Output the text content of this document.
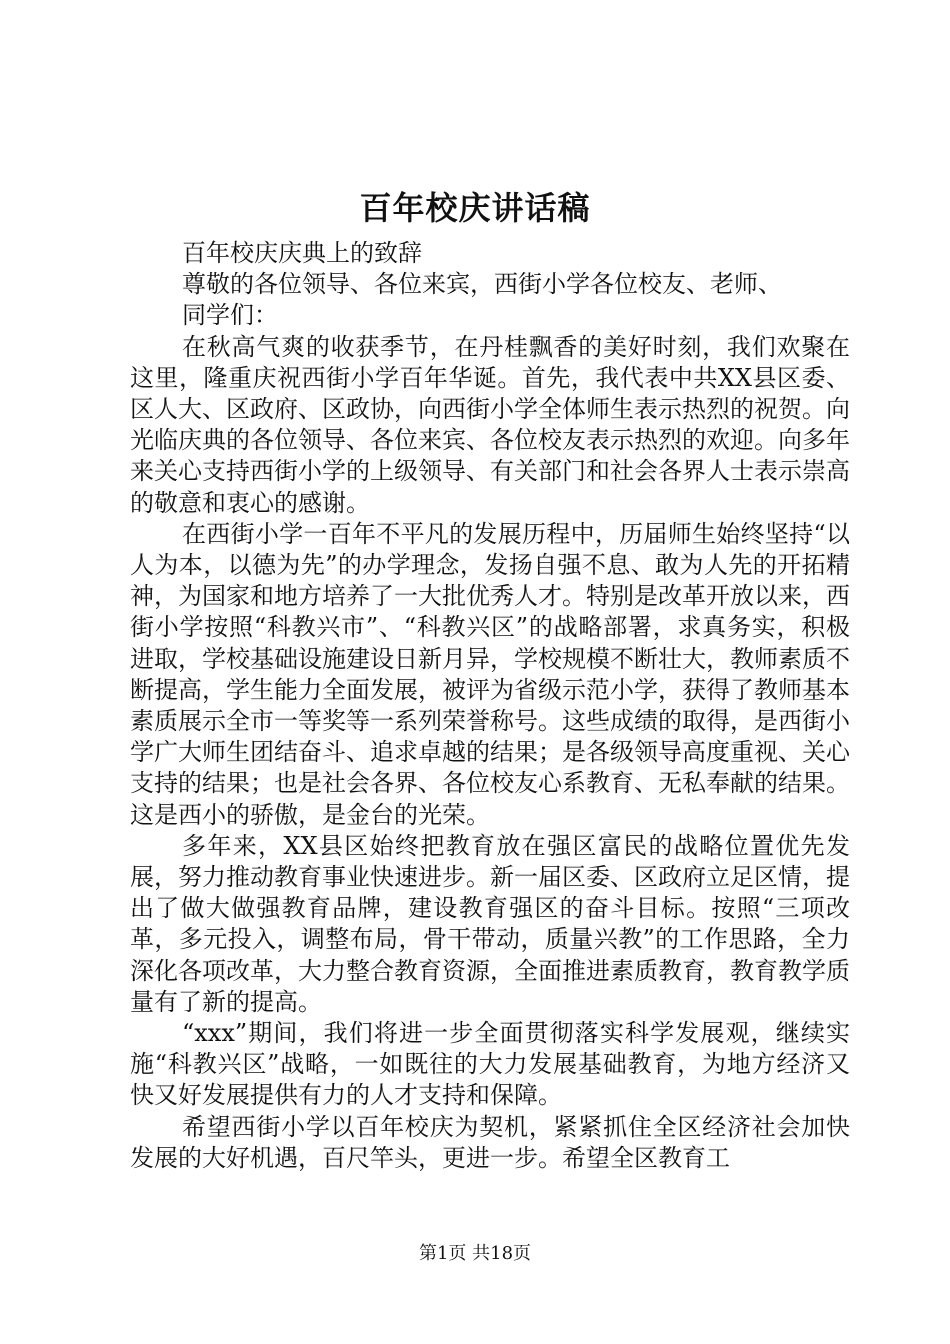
百年校庆讲话稿

百年校庆庆典上的致辞

尊敬的各位领导、各位来宾，西街小学各位校友、老师、

同学们：

在秋高气爽的收获季节，在丹桂飘香的美好时刻，我们欢聚在这里，隆重庆祝西街小学百年华诞。首先，我代表中共XX县区委、区人大、区政府、区政协，向西街小学全体师生表示热烈的祝贺。向光临庆典的各位领导、各位来宾、各位校友表示热烈的欢迎。向多年来关心支持西街小学的上级领导、有关部门和社会各界人士表示崇高的敬意和衷心的感谢。

在西街小学一百年不平凡的发展历程中，历届师生始终坚持“以人为本，以德为先”的办学理念，发扬自强不息、敢为人先的开拓精神，为国家和地方培养了一大批优秀人才。特别是改革开放以来，西街小学按照“科教兴市”、“科教兴区”的战略部署，求真务实，积极进取，学校基础设施建设日新月异，学校规模不断壮大，教师素质不断提高，学生能力全面发展，被评为省级示范小学，获得了教师基本素质展示全市一等奖等一系列荣誉称号。这些成绩的取得，是西街小学广大师生团结奋斗、追求卓越的结果；是各级领导高度重视、关心支持的结果；也是社会各界、各位校友心系教育、无私奉献的结果。这是西小的骄傲，是金台的光荣。

多年来，XX县区始终把教育放在强区富民的战略位置优先发展，努力推动教育事业快速进步。新一届区委、区政府立足区情，提出了做大做强教育品牌，建设教育强区的奋斗目标。按照“三项改革，多元投入，调整布局，骨干带动，质量兴教”的工作思路，全力深化各项改革，大力整合教育资源，全面推进素质教育，教育教学质量有了新的提高。

“xxx”期间，我们将进一步全面贯彻落实科学发展观，继续实施“科教兴区”战略，一如既往的大力发展基础教育，为地方经济又快又好发展提供有力的人才支持和保障。

希望西街小学以百年校庆为契机，紧紧抓住全区经济社会加快发展的大好机遇，百尺竿头，更进一步。希望全区教育工

第1页 共18页
